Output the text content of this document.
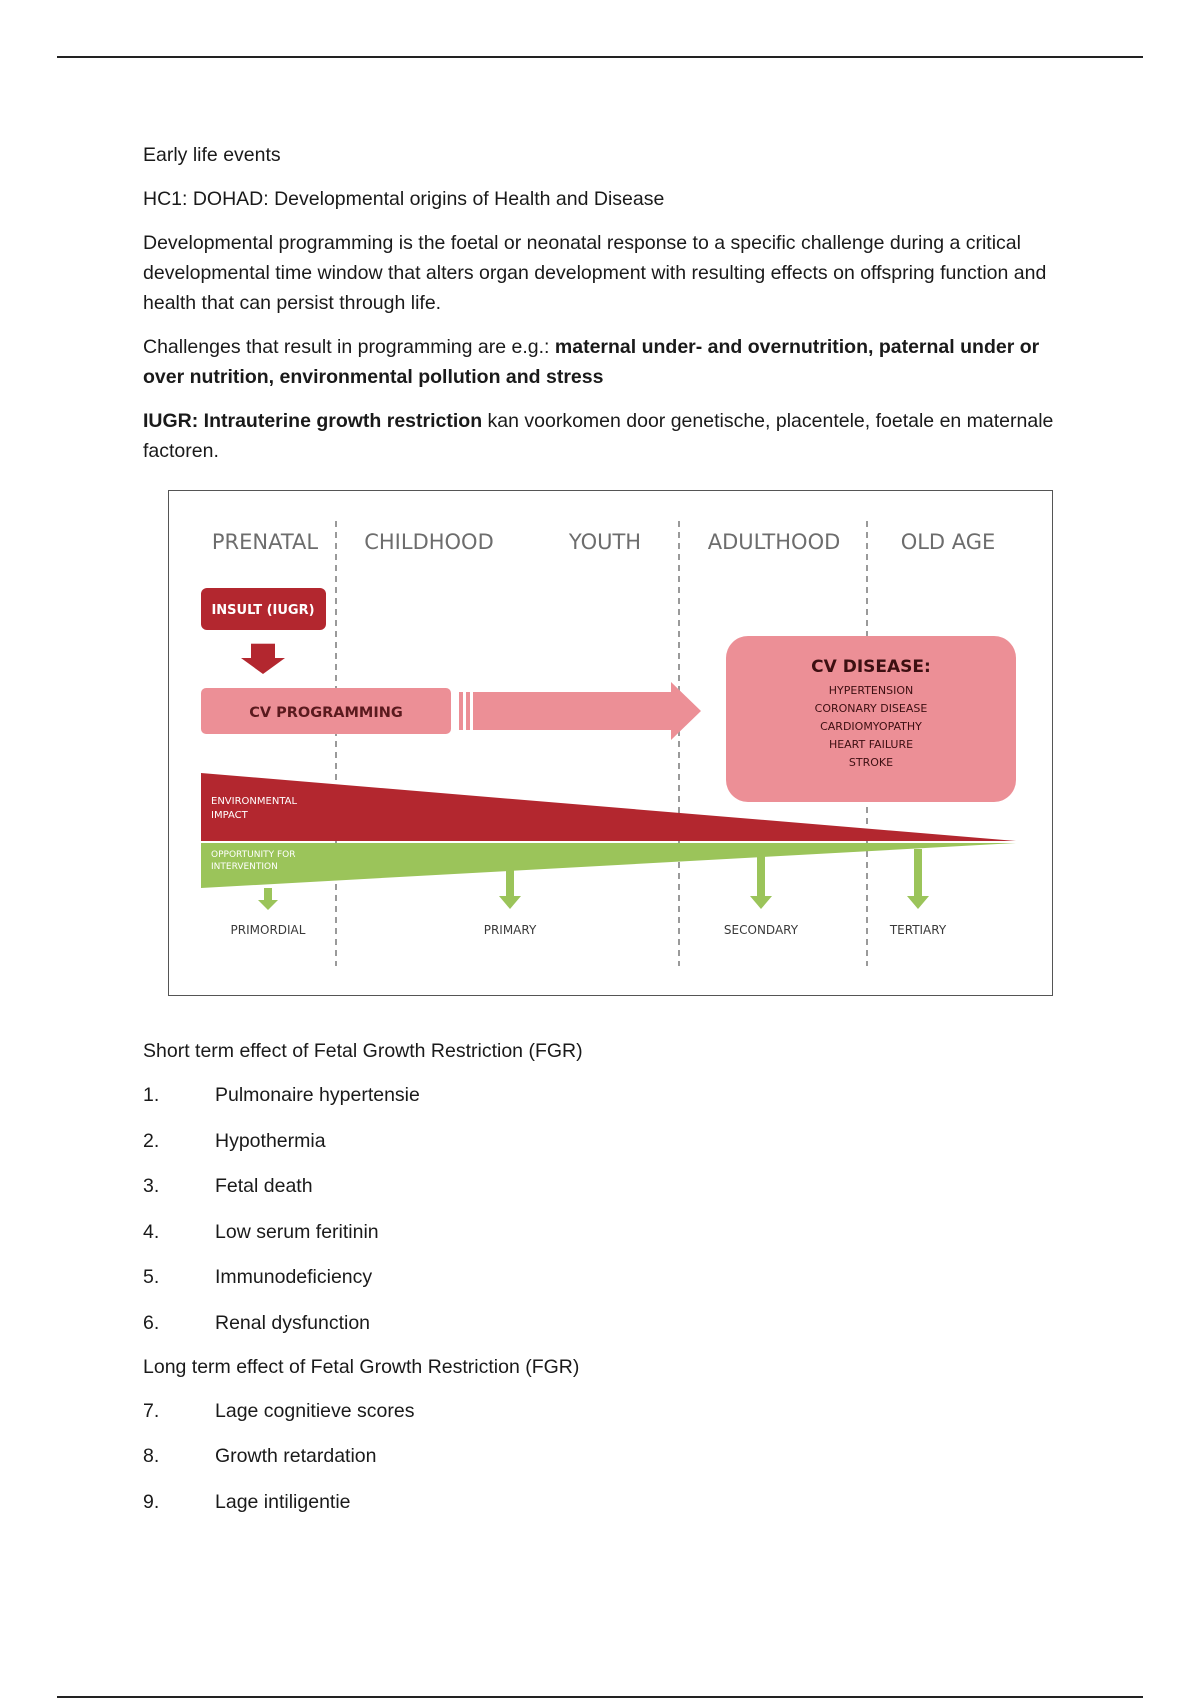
Early life events

HC1: DOHAD: Developmental origins of Health and Disease

Developmental programming is the foetal or neonatal response to a specific challenge during a critical developmental time window that alters organ development with resulting effects on offspring function and health that can persist through life.

Challenges that result in programming are e.g.: maternal under- and overnutrition, paternal under or over nutrition, environmental pollution and stress

IUGR: Intrauterine growth restriction kan voorkomen door genetische, placentele, foetale en maternale factoren.

PRENATAL CHILDHOOD	YOUTH	ADULTHOOD	OLD AGE
INSULT (IUGR)
CV PROGRAMMING
CV DISEASE:
HYPERTENSION
CORONARY DISEASE
CARDIOMYOPATHY
HEART FAILURE
STROKE
ENVIRONMENTAL
IMPACT
OPPORTUNITY FOR
INTERVENTION
PRIMORDIAL	PRIMARY	SECONDARY	TERTIARY
Short term effect of Fetal Growth Restriction (FGR)
1.	Pulmonaire hypertensie
2.	Hypothermia
3.	Fetal death
4.	Low serum feritinin
5.	Immunodeficiency
6.	Renal dysfunction
Long term effect of Fetal Growth Restriction (FGR)
7.	Lage cognitieve scores
8.	Growth retardation
9.	Lage intiligentie
